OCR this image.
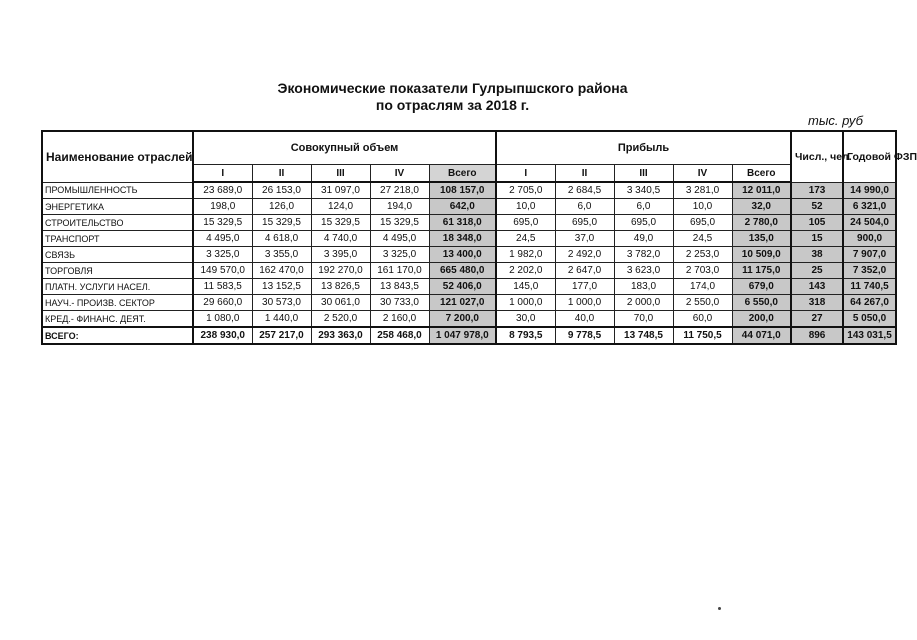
Экономические показатели Гулрыпшского района
по отраслям за 2018 г.
тыс. руб
Наименование отраслей	Совокупный объем					Прибыль					Числ., чел.	Годовой ФЗП
	I	II	III	IV	Всего	I	II	III	IV	Всего		
ПРОМЫШЛЕННОСТЬ	23 689,0	26 153,0	31 097,0	27 218,0	108 157,0	2 705,0	2 684,5	3 340,5	3 281,0	12 011,0	173	14 990,0
ЭНЕРГЕТИКА	198,0	126,0	124,0	194,0	642,0	10,0	6,0	6,0	10,0	32,0	52	6 321,0
СТРОИТЕЛЬСТВО	15 329,5	15 329,5	15 329,5	15 329,5	61 318,0	695,0	695,0	695,0	695,0	2 780,0	105	24 504,0
ТРАНСПОРТ	4 495,0	4 618,0	4 740,0	4 495,0	18 348,0	24,5	37,0	49,0	24,5	135,0	15	900,0
СВЯЗЬ	3 325,0	3 355,0	3 395,0	3 325,0	13 400,0	1 982,0	2 492,0	3 782,0	2 253,0	10 509,0	38	7 907,0
ТОРГОВЛЯ	149 570,0	162 470,0	192 270,0	161 170,0	665 480,0	2 202,0	2 647,0	3 623,0	2 703,0	11 175,0	25	7 352,0
ПЛАТН. УСЛУГИ НАСЕЛ.	11 583,5	13 152,5	13 826,5	13 843,5	52 406,0	145,0	177,0	183,0	174,0	679,0	143	11 740,5
НАУЧ.- ПРОИЗВ. СЕКТОР	29 660,0	30 573,0	30 061,0	30 733,0	121 027,0	1 000,0	1 000,0	2 000,0	2 550,0	6 550,0	318	64 267,0
КРЕД.- ФИНАНС. ДЕЯТ.	1 080,0	1 440,0	2 520,0	2 160,0	7 200,0	30,0	40,0	70,0	60,0	200,0	27	5 050,0
ВСЕГО:	238 930,0	257 217,0	293 363,0	258 468,0	1 047 978,0	8 793,5	9 778,5	13 748,5	11 750,5	44 071,0	896	143 031,5
